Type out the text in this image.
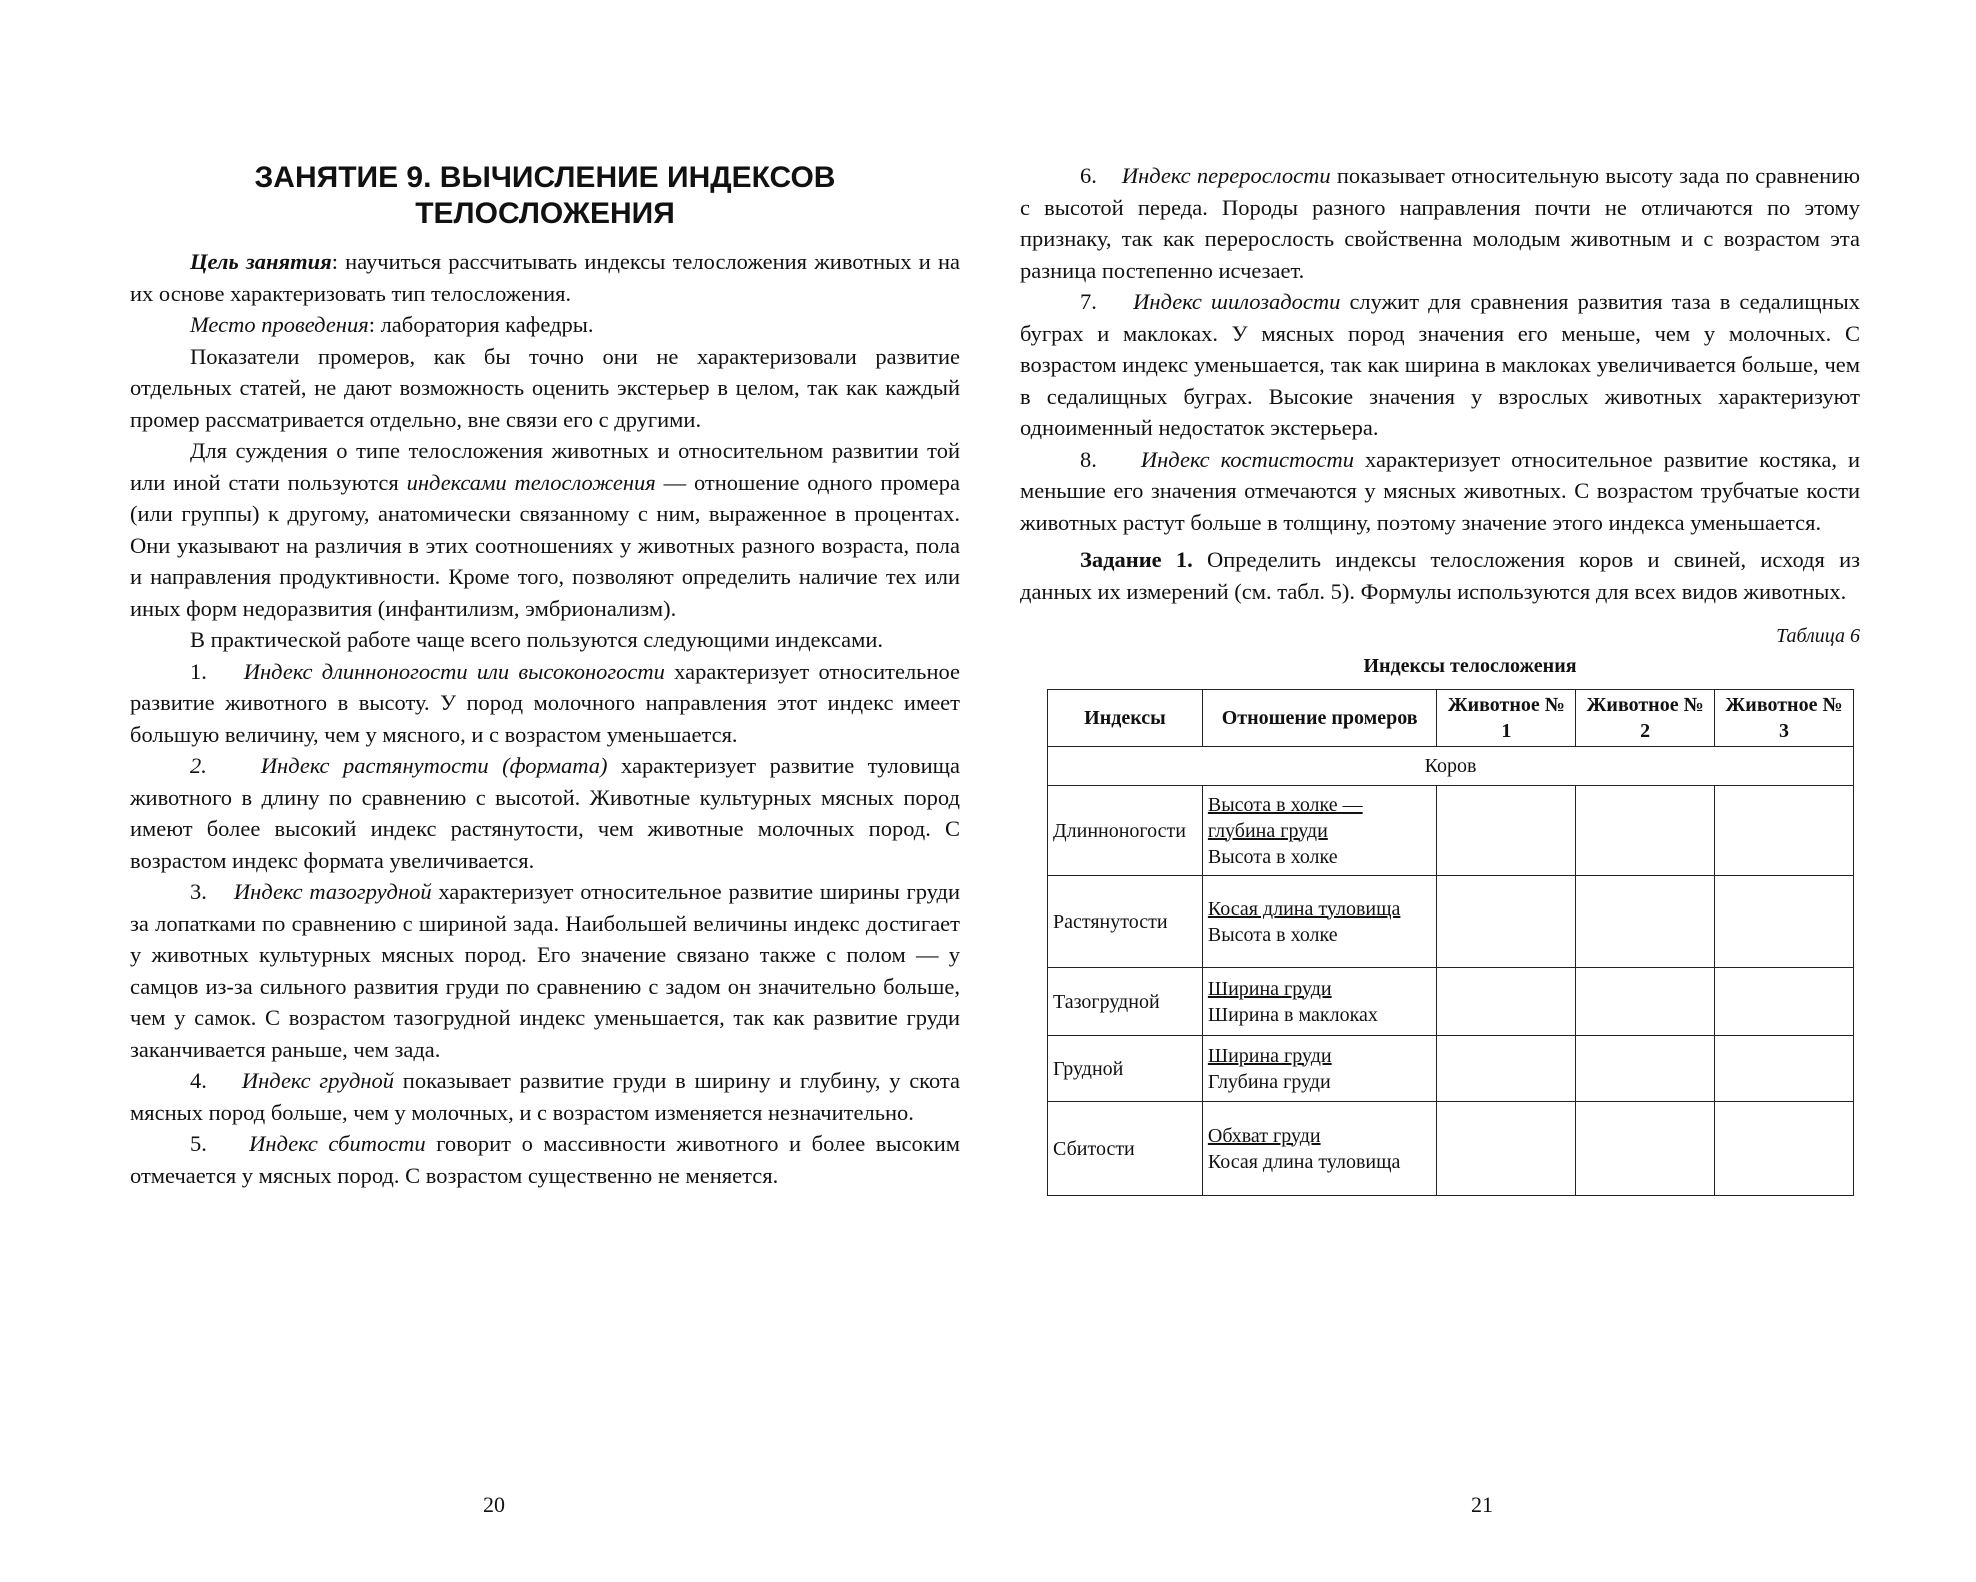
ЗАНЯТИЕ 9. ВЫЧИСЛЕНИЕ ИНДЕКСОВ
ТЕЛОСЛОЖЕНИЯ

Цель занятия: научиться рассчитывать индексы телосложения животных и на их основе характеризовать тип телосложения.

Место проведения: лаборатория кафедры.

Показатели промеров, как бы точно они не характеризовали развитие отдельных статей, не дают возможность оценить экстерьер в целом, так как каждый промер рассматривается отдельно, вне связи его с другими.

Для суждения о типе телосложения животных и относительном развитии той или иной стати пользуются индексами телосложения — отношение одного промера (или группы) к другому, анатомически связанному с ним, выраженное в процентах. Они указывают на различия в этих соотношениях у животных разного возраста, пола и направления продуктивности. Кроме того, позволяют определить наличие тех или иных форм недоразвития (инфантилизм, эмбрионализм).

В практической работе чаще всего пользуются следующими индексами.

1. Индекс длинноногости или высоконогости характеризует относительное развитие животного в высоту. У пород молочного направления этот индекс имеет большую величину, чем у мясного, и с возрастом уменьшается.

2. Индекс растянутости (формата) характеризует развитие туловища животного в длину по сравнению с высотой. Животные культурных мясных пород имеют более высокий индекс растянутости, чем животные молочных пород. С возрастом индекс формата увеличивается.

3. Индекс тазогрудной характеризует относительное развитие ширины груди за лопатками по сравнению с шириной зада. Наибольшей величины индекс достигает у животных культурных мясных пород. Его значение связано также с полом — у самцов из-за сильного развития груди по сравнению с задом он значительно больше, чем у самок. С возрастом тазогрудной индекс уменьшается, так как развитие груди заканчивается раньше, чем зада.

4. Индекс грудной показывает развитие груди в ширину и глубину, у скота мясных пород больше, чем у молочных, и с возрастом изменяется незначительно.

5. Индекс сбитости говорит о массивности животного и более высоким отмечается у мясных пород. С возрастом существенно не меняется.

20

6. Индекс перерослости показывает относительную высоту зада по сравнению с высотой переда. Породы разного направления почти не отличаются по этому признаку, так как перерослость свойственна молодым животным и с возрастом эта разница постепенно исчезает.

7. Индекс шилозадости служит для сравнения развития таза в седалищных буграх и маклоках. У мясных пород значения его меньше, чем у молочных. С возрастом индекс уменьшается, так как ширина в маклоках увеличивается больше, чем в седалищных буграх. Высокие значения у взрослых животных характеризуют одноименный недостаток экстерьера.

8. Индекс костистости характеризует относительное развитие костяка, и меньшие его значения отмечаются у мясных животных. С возрастом трубчатые кости животных растут больше в толщину, поэтому значение этого индекса уменьшается.

Задание 1. Определить индексы телосложения коров и свиней, исходя из данных их измерений (см. табл. 5). Формулы используются для всех видов животных.

Таблица 6
Индексы телосложения
Индексы	Отношение промеров	Животное № 1	Животное № 2	Животное № 3
Коров				
Длинноногости	Высота в холке — глубина груди
Высота в холке			

Растянутости	Косая длина туловища
Высота в холке			

Тазогрудной	Ширина груди
Ширина в маклоках			

Грудной	Ширина груди
Глубина груди			

Сбитости	Обхват груди
Косая длина туловища			

21
